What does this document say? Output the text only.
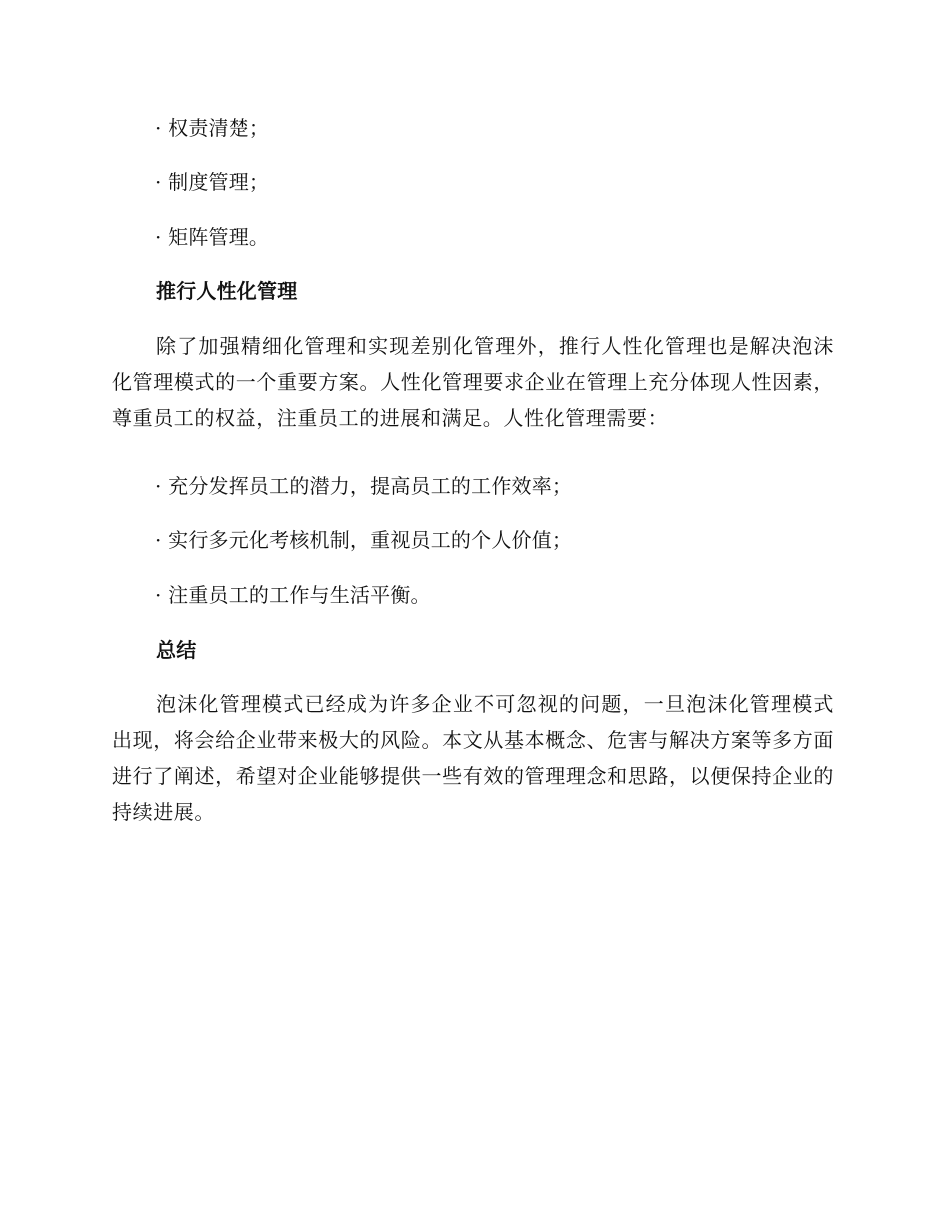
· 权责清楚；
· 制度管理；
· 矩阵管理。
推行人性化管理

除了加强精细化管理和实现差别化管理外，推行人性化管理也是解决泡沫化管理模式的一个重要方案。人性化管理要求企业在管理上充分体现人性因素，尊重员工的权益，注重员工的进展和满足。人性化管理需要：

· 充分发挥员工的潜力，提高员工的工作效率；
· 实行多元化考核机制，重视员工的个人价值；
· 注重员工的工作与生活平衡。
总结

泡沫化管理模式已经成为许多企业不可忽视的问题，一旦泡沫化管理模式出现，将会给企业带来极大的风险。本文从基本概念、危害与解决方案等多方面进行了阐述，希望对企业能够提供一些有效的管理理念和思路，以便保持企业的持续进展。
